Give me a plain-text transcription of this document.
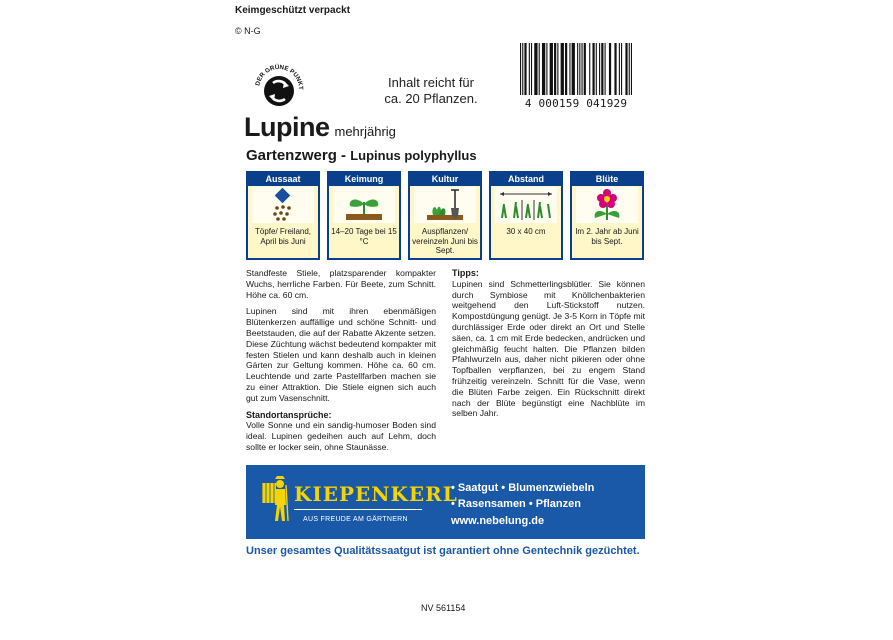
Keimgeschützt verpackt
© N-G
DER GRÜNE PUNKT	Inhalt reicht für
ca. 20 Pflanzen.	4 000159 041929
Lupine mehrjährig
Gartenzwerg - Lupinus polyphyllus
Aussaat
Töpfe/ Freiland, April bis Juni
Keimung
14–20 Tage bei 15 °C
Kultur
Auspflanzen/ vereinzeln Juni bis Sept.
Abstand
30 x 40 cm
Blüte
Im 2. Jahr ab Juni bis Sept.

Standfeste Stiele, platzsparender kompakter Wuchs, herrliche Farben. Für Beete, zum Schnitt. Höhe ca. 60 cm.

Lupinen sind mit ihren ebenmäßigen Blütenkerzen auffällige und schöne Schnitt- und Beetstauden, die auf der Rabatte Akzente setzen. Diese Züchtung wächst bedeutend kompakter mit festen Stielen und kann deshalb auch in kleinen Gärten zur Geltung kommen. Höhe ca. 60 cm. Leuchtende und zarte Pastellfarben machen sie zu einer Attraktion. Die Stiele eignen sich auch gut zum Vasenschnitt.

Standortansprüche:

Volle Sonne und ein sandig-humoser Boden sind ideal. Lupinen gedeihen auch auf Lehm, doch sollte er locker sein, ohne Staunässe.

Tipps:

Lupinen sind Schmetterlingsblütler. Sie können durch Symbiose mit Knöllchenbakterien weitgehend den Luft-Stickstoff nutzen. Kompostdüngung genügt. Je 3-5 Korn in Töpfe mit durchlässiger Erde oder direkt an Ort und Stelle säen, ca. 1 cm mit Erde bedecken, andrücken und gleichmäßig feucht halten. Die Pflanzen bilden Pfahlwurzeln aus, daher nicht pikieren oder ohne Topfballen verpflanzen, bei zu engem Stand frühzeitig vereinzeln. Schnitt für die Vase, wenn die Blüten Farbe zeigen. Ein Rückschnitt direkt nach der Blüte begünstigt eine Nachblüte im selben Jahr.

KIEPENKERL
AUS FREUDE AM GÄRTNERN
• Saatgut • Blumenzwiebeln
• Rasensamen • Pflanzen
www.nebelung.de
Unser gesamtes Qualitätssaatgut ist garantiert ohne Gentechnik gezüchtet.
NV 561154
